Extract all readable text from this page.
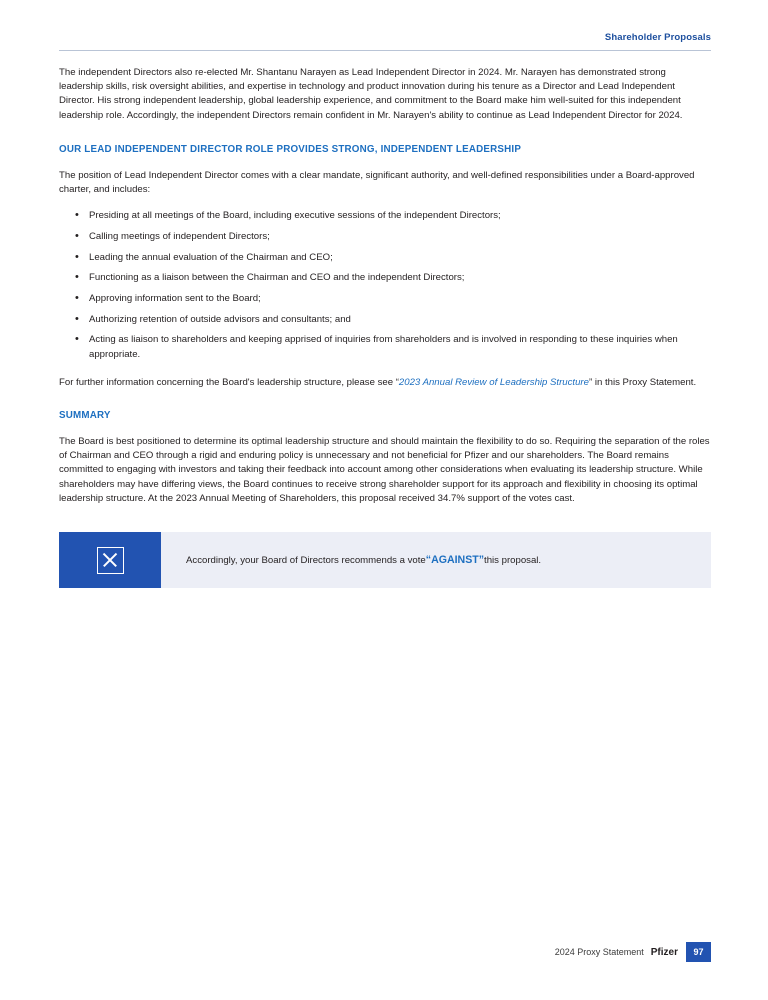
Shareholder Proposals

The independent Directors also re-elected Mr. Shantanu Narayen as Lead Independent Director in 2024. Mr. Narayen has demonstrated strong leadership skills, risk oversight abilities, and expertise in technology and product innovation during his tenure as a Director and Lead Independent Director. His strong independent leadership, global leadership experience, and commitment to the Board make him well-suited for this independent leadership role. Accordingly, the independent Directors remain confident in Mr. Narayen's ability to continue as Lead Independent Director for 2024.

OUR LEAD INDEPENDENT DIRECTOR ROLE PROVIDES STRONG, INDEPENDENT LEADERSHIP

The position of Lead Independent Director comes with a clear mandate, significant authority, and well-defined responsibilities under a Board-approved charter, and includes:

• Presiding at all meetings of the Board, including executive sessions of the independent Directors;
• Calling meetings of independent Directors;
• Leading the annual evaluation of the Chairman and CEO;
• Functioning as a liaison between the Chairman and CEO and the independent Directors;
• Approving information sent to the Board;
• Authorizing retention of outside advisors and consultants; and
• Acting as liaison to shareholders and keeping apprised of inquiries from shareholders and is involved in responding to these inquiries when appropriate.

For further information concerning the Board's leadership structure, please see “2023 Annual Review of Leadership Structure” in this Proxy Statement.

SUMMARY

The Board is best positioned to determine its optimal leadership structure and should maintain the flexibility to do so. Requiring the separation of the roles of Chairman and CEO through a rigid and enduring policy is unnecessary and not beneficial for Pfizer and our shareholders. The Board remains committed to engaging with investors and taking their feedback into account among other considerations when evaluating its leadership structure. While shareholders may have differing views, the Board continues to receive strong shareholder support for its approach and flexibility in choosing its optimal leadership structure. At the 2023 Annual Meeting of Shareholders, this proposal received 34.7% support of the votes cast.

Accordingly, your Board of Directors recommends a vote “AGAINST” this proposal.
2024 Proxy Statement Pfizer	97
